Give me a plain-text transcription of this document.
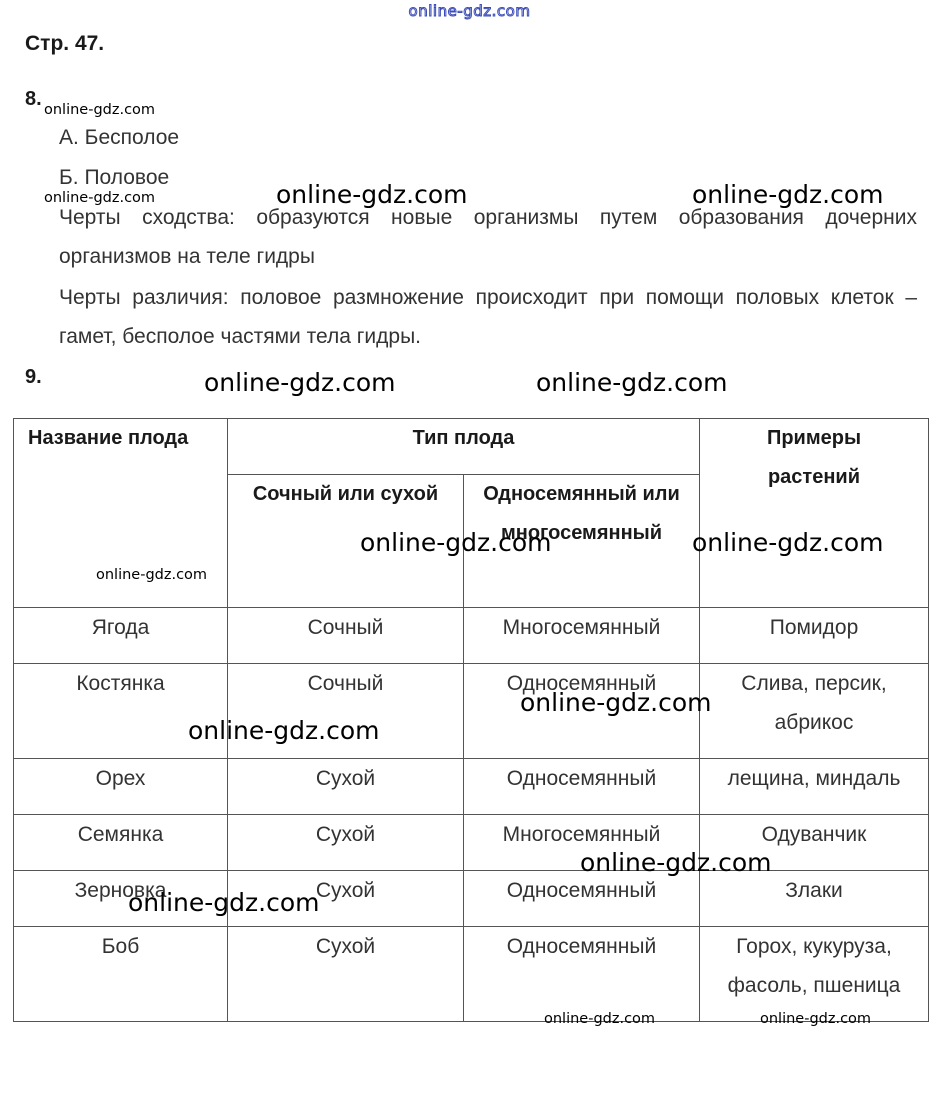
online-gdz.com
Стр. 47.
8.
А. Бесполое
Б. Половое
Черты сходства: образуются новые организмы путем образования дочерних организмов на теле гидры
Черты различия: половое размножение происходит при помощи половых клеток – гамет, бесполое частями тела гидры.
9.
Название плода	Тип плода		Примеры растений
	Сочный или сухой	Односемянный или многосемянный	
Ягода	Сочный	Многосемянный	Помидор
Костянка	Сочный	Односемянный	Слива, персик, абрикос
Орех	Сухой	Односемянный	лещина, миндаль
Семянка	Сухой	Многосемянный	Одуванчик
Зерновка	Сухой	Односемянный	Злаки
Боб	Сухой	Односемянный	Горох, кукуруза, фасоль, пшеница
online-gdz.com
online-gdz.com	online-gdz.com	online-gdz.com
online-gdz.com	online-gdz.com
online-gdz.com	online-gdz.com
online-gdz.com
online-gdz.com
online-gdz.com
online-gdz.com
online-gdz.com
online-gdz.com	online-gdz.com
